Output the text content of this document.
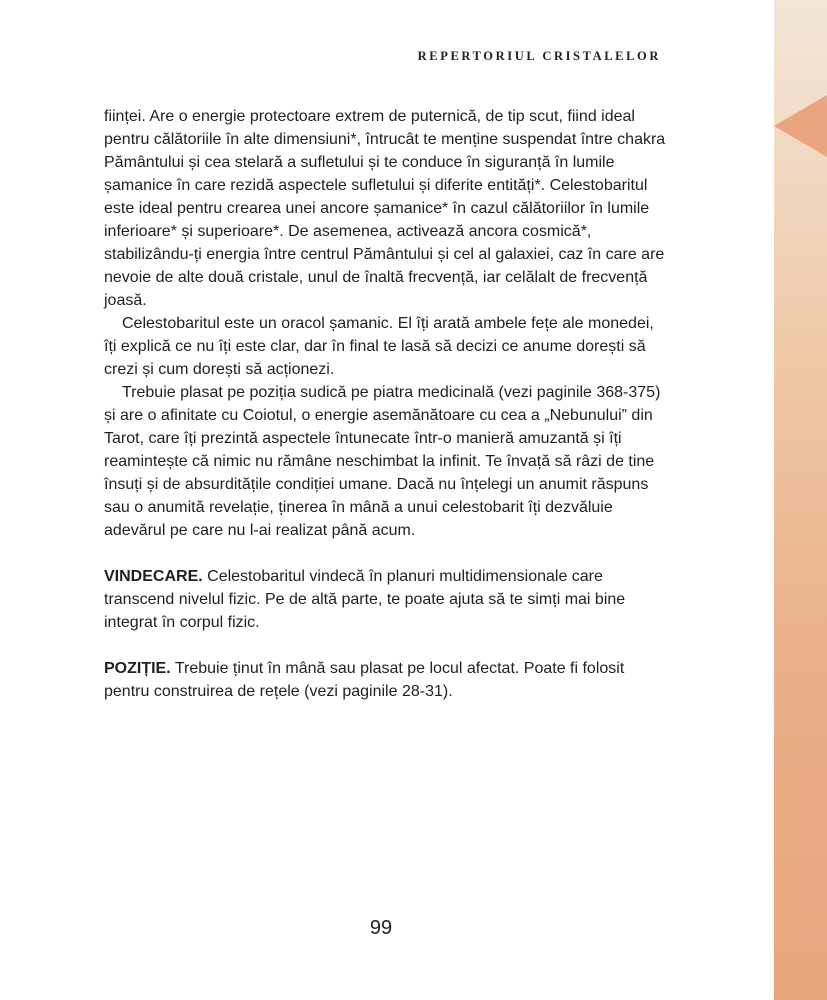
REPERTORIUL CRISTALELOR

ființei. Are o energie protectoare extrem de puternică, de tip scut, fiind ideal pentru călătoriile în alte dimensiuni*, întrucât te menține suspendat între chakra Pământului și cea stelară a sufletului și te conduce în siguranță în lumile șamanice în care rezidă aspectele sufletului și diferite entități*. Celestobaritul este ideal pentru crearea unei ancore șamanice* în cazul călătoriilor în lumile inferioare* și superioare*. De asemenea, activează ancora cosmică*, stabilizându-ți energia între centrul Pământului și cel al galaxiei, caz în care are nevoie de alte două cristale, unul de înaltă frecvență, iar celălalt de frecvență joasă.

Celestobaritul este un oracol șamanic. El îți arată ambele fețe ale monedei, îți explică ce nu îți este clar, dar în final te lasă să decizi ce anume dorești să crezi și cum dorești să acționezi.

Trebuie plasat pe poziția sudică pe piatra medicinală (vezi paginile 368-375) și are o afinitate cu Coiotul, o energie asemănătoare cu cea a „Nebunului” din Tarot, care îți prezintă aspectele întunecate într-o manieră amuzantă și îți reamintește că nimic nu rămâne neschimbat la infinit. Te învață să râzi de tine însuți și de absurditățile condiției umane. Dacă nu înțelegi un anumit răspuns sau o anumită revelație, ținerea în mână a unui celestobarit îți dezvăluie adevărul pe care nu l-ai realizat până acum.

VINDECARE. Celestobaritul vindecă în planuri multidimensionale care transcend nivelul fizic. Pe de altă parte, te poate ajuta să te simți mai bine integrat în corpul fizic.

POZIȚIE. Trebuie ținut în mână sau plasat pe locul afectat. Poate fi folosit pentru construirea de rețele (vezi paginile 28-31).

99
